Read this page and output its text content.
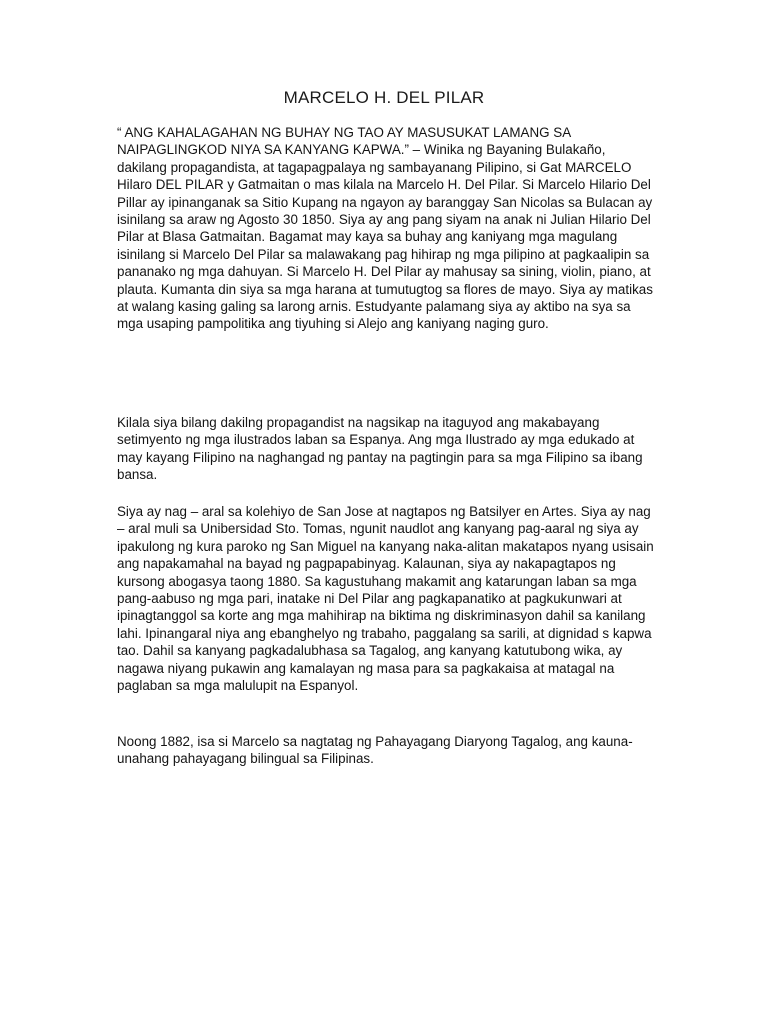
MARCELO H. DEL PILAR

“ ANG KAHALAGAHAN NG BUHAY NG TAO AY MASUSUKAT LAMANG SA NAIPAGLINGKOD NIYA SA KANYANG KAPWA.” – Winika ng Bayaning Bulakaño, dakilang propagandista, at tagapagpalaya ng sambayanang Pilipino, si Gat MARCELO Hilaro DEL PILAR y Gatmaitan o mas kilala na Marcelo H. Del Pilar. Si Marcelo Hilario Del Pillar ay ipinanganak sa Sitio Kupang na ngayon ay baranggay San Nicolas sa Bulacan ay isinilang sa araw ng Agosto 30 1850. Siya ay ang pang siyam na anak ni Julian Hilario Del Pilar at Blasa Gatmaitan. Bagamat may kaya sa buhay ang kaniyang mga magulang isinilang si Marcelo Del Pilar sa malawakang pag hihirap ng mga pilipino at pagkaalipin sa pananako ng mga dahuyan. Si Marcelo H. Del Pilar ay mahusay sa sining, violin, piano, at plauta. Kumanta din siya sa mga harana at tumutugtog sa flores de mayo. Siya ay matikas at walang kasing galing sa larong arnis. Estudyante palamang siya ay aktibo na sya sa mga usaping pampolitika ang tiyuhing si Alejo ang kaniyang naging guro.

Kilala siya bilang dakilng propagandist na nagsikap na itaguyod ang makabayang setimyento ng mga ilustrados laban sa Espanya. Ang mga Ilustrado ay mga edukado at may kayang Filipino na naghangad ng pantay na pagtingin para sa mga Filipino sa ibang bansa.

Siya ay nag – aral sa kolehiyo de San Jose at nagtapos ng Batsilyer en Artes. Siya ay nag – aral muli sa Unibersidad Sto. Tomas, ngunit naudlot ang kanyang pag-aaral ng siya ay ipakulong ng kura paroko ng San Miguel na kanyang naka-alitan makatapos nyang usisain ang napakamahal na bayad ng pagpapabinyag. Kalaunan, siya ay nakapagtapos ng kursong abogasya taong 1880. Sa kagustuhang makamit ang katarungan laban sa mga pang-aabuso ng mga pari, inatake ni Del Pilar ang pagkapanatiko at pagkukunwari at ipinagtanggol sa korte ang mga mahihirap na biktima ng diskriminasyon dahil sa kanilang lahi. Ipinangaral niya ang ebanghelyo ng trabaho, paggalang sa sarili, at dignidad s kapwa tao. Dahil sa kanyang pagkadalubhasa sa Tagalog, ang kanyang katutubong wika, ay nagawa niyang pukawin ang kamalayan ng masa para sa pagkakaisa at matagal na paglaban sa mga malulupit na Espanyol.

Noong 1882, isa si Marcelo sa nagtatag ng Pahayagang Diaryong Tagalog, ang kauna-unahang pahayagang bilingual sa Filipinas.
